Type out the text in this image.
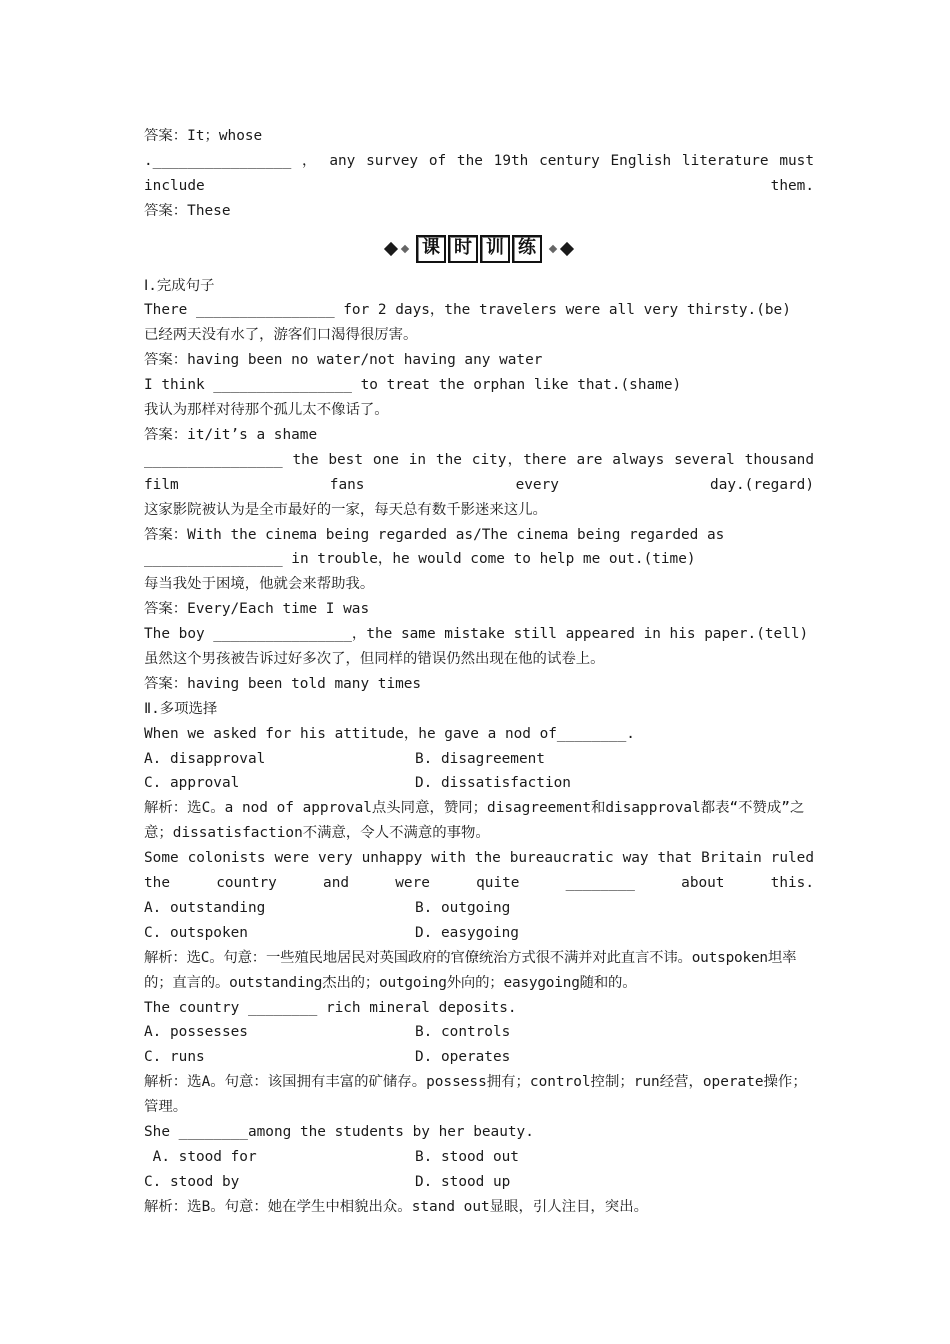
答案：It；whose
.________________ ， any survey of the 19th century English literature must include them.
答案：These
课 时 训 练
Ⅰ.完成句子
There ________________ for 2 days，the travelers were all very thirsty.(be)
已经两天没有水了，游客们口渴得很厉害。
答案：having been no water/not having any water
I think ________________ to treat the orphan like that.(shame)
我认为那样对待那个孤儿太不像话了。
答案：it/it’s a shame
________________ the best one in the city，there are always several thousand film fans every day.(regard)
这家影院被认为是全市最好的一家，每天总有数千影迷来这儿。
答案：With the cinema being regarded as/The cinema being regarded as
________________ in trouble，he would come to help me out.(time)
每当我处于困境，他就会来帮助我。
答案：Every/Each time I was
The boy ________________，the same mistake still appeared in his paper.(tell)
虽然这个男孩被告诉过好多次了，但同样的错误仍然出现在他的试卷上。
答案：having been told many times
Ⅱ.多项选择
When we asked for his attitude，he gave a nod of________.
A. disapproval	B. disagreement
C. approval	D. dissatisfaction
解析：选C。a nod of approval点头同意，赞同；disagreement和disapproval都表“不赞成”之意；dissatisfaction不满意，令人不满意的事物。
Some colonists were very unhappy with the bureaucratic way that Britain ruled the country and were quite ________ about this.
A. outstanding	B. outgoing
C. outspoken	D. easygoing
解析：选C。句意：一些殖民地居民对英国政府的官僚统治方式很不满并对此直言不讳。outspoken坦率的；直言的。outstanding杰出的；outgoing外向的；easygoing随和的。
The country ________ rich mineral deposits.
A. possesses	B. controls
C. runs	D. operates
解析：选A。句意：该国拥有丰富的矿储存。possess拥有；control控制；run经营，operate操作；管理。
She ________among the students by her beauty.
A. stood for	B. stood out
C. stood by	D. stood up
解析：选B。句意：她在学生中相貌出众。stand out显眼，引人注目，突出。
